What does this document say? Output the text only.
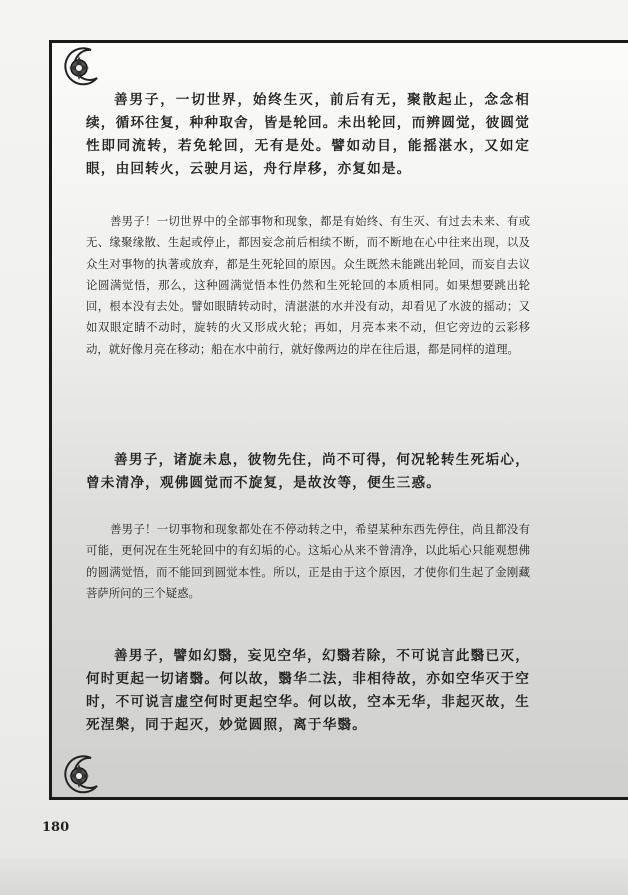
善男子，一切世界，始终生灭，前后有无，聚散起止，念念相续，循环往复，种种取舍，皆是轮回。未出轮回，而辨圆觉，彼圆觉性即同流转，若免轮回，无有是处。譬如动目，能摇湛水，又如定眼，由回转火，云驶月运，舟行岸移，亦复如是。

善男子！一切世界中的全部事物和现象，都是有始终、有生灭、有过去未来、有或无、缘聚缘散、生起或停止，都因妄念前后相续不断，而不断地在心中往来出现，以及众生对事物的执著或放弃，都是生死轮回的原因。众生既然未能跳出轮回，而妄自去议论圆满觉悟，那么，这种圆满觉悟本性仍然和生死轮回的本质相同。如果想要跳出轮回，根本没有去处。譬如眼睛转动时，清湛湛的水并没有动，却看见了水波的摇动；又如双眼定睛不动时，旋转的火又形成火轮；再如，月亮本来不动，但它旁边的云彩移动，就好像月亮在移动；船在水中前行，就好像两边的岸在往后退，都是同样的道理。

善男子，诸旋未息，彼物先住，尚不可得，何况轮转生死垢心，曾未清净，观佛圆觉而不旋复，是故汝等，便生三惑。

善男子！一切事物和现象都处在不停动转之中，希望某种东西先停住，尚且都没有可能，更何况在生死轮回中的有幻垢的心。这垢心从来不曾清净，以此垢心只能观想佛的圆满觉悟，而不能回到圆觉本性。所以，正是由于这个原因，才使你们生起了金刚藏菩萨所问的三个疑惑。

善男子，譬如幻翳，妄见空华，幻翳若除，不可说言此翳已灭，何时更起一切诸翳。何以故，翳华二法，非相待故，亦如空华灭于空时，不可说言虚空何时更起空华。何以故，空本无华，非起灭故，生死涅槃，同于起灭，妙觉圆照，离于华翳。

180
